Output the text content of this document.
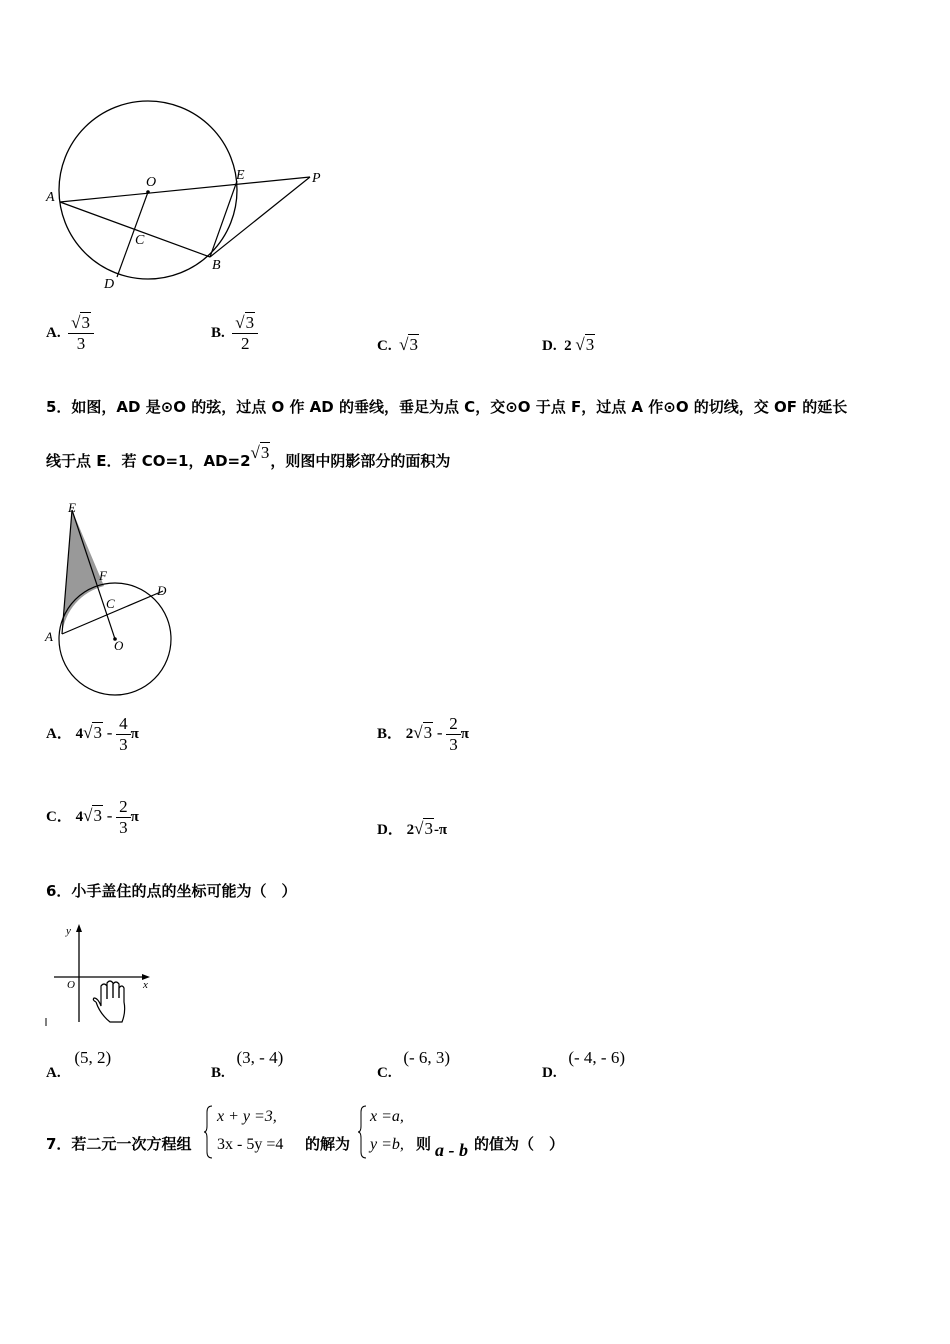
A
O	E	P
C
B
D
A. $\frac{√3}{3}$	B. $\frac{√3}{2}$	C. √3	D. 2 √3
5．如图，AD 是⊙O 的弦，过点 O 作 AD 的垂线，垂足为点 C，交⊙O 于点 F，过点 A 作⊙O 的切线，交 OF 的延长
线于点 E．若 CO=1，AD=2√3，则图中阴影部分的面积为
E
F
D
C
A
O
A． $4√3 - \frac{4}{3}$ π	B． $2√3 - \frac{2}{3}$ π
C． $4√3 - \frac{2}{3}$ π
D． 2√3-π
6．小手盖住的点的坐标可能为（　）
y
x
O
A. (5, 2)
B. (3, - 4)
C. (- 6, 3)
D. (- 4, - 6)
7．若二元一次方程组
x + y =3,
3x - 5y =4 的解为
x =a,
y =b, 则 a - b 的值为（　）
